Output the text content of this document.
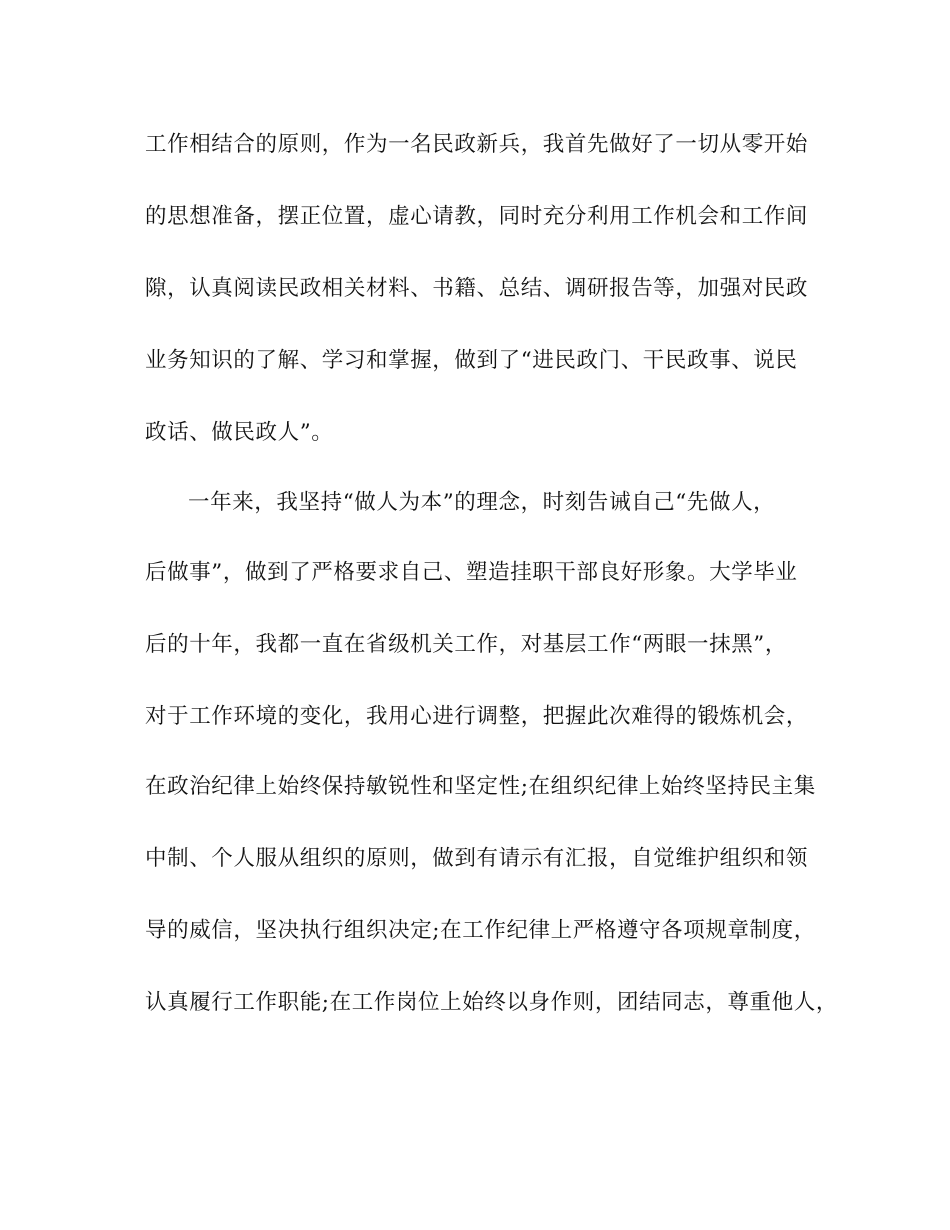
工作相结合的原则，作为一名民政新兵，我首先做好了一切从零开始
的思想准备，摆正位置，虚心请教，同时充分利用工作机会和工作间
隙，认真阅读民政相关材料、书籍、总结、调研报告等，加强对民政
业务知识的了解、学习和掌握，做到了“进民政门、干民政事、说民
政话、做民政人”。
一年来，我坚持“做人为本”的理念，时刻告诫自己“先做人，
后做事”，做到了严格要求自己、塑造挂职干部良好形象。大学毕业
后的十年，我都一直在省级机关工作，对基层工作“两眼一抹黑”，
对于工作环境的变化，我用心进行调整，把握此次难得的锻炼机会，
在政治纪律上始终保持敏锐性和坚定性;在组织纪律上始终坚持民主集
中制、个人服从组织的原则，做到有请示有汇报，自觉维护组织和领
导的威信，坚决执行组织决定;在工作纪律上严格遵守各项规章制度，
认真履行工作职能;在工作岗位上始终以身作则，团结同志，尊重他人，
